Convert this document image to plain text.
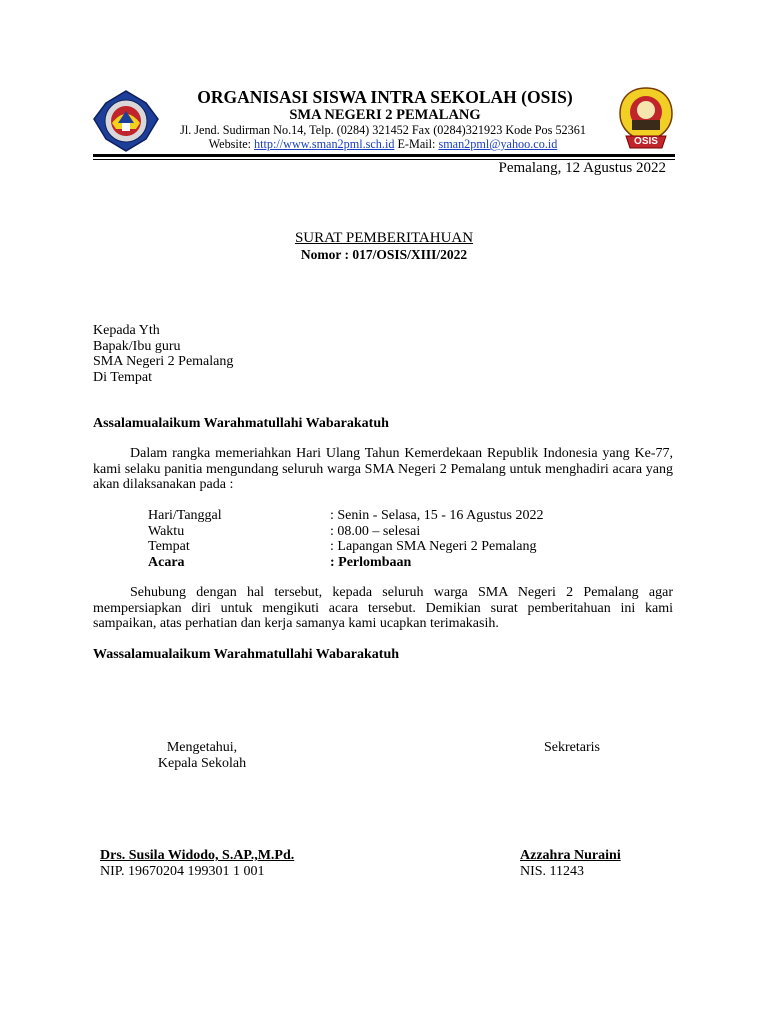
OSIS
ORGANISASI SISWA INTRA SEKOLAH (OSIS)
SMA NEGERI 2 PEMALANG
Jl. Jend. Sudirman No.14, Telp. (0284) 321452 Fax (0284)321923 Kode Pos 52361
Website: http://www.sman2pml.sch.id E-Mail: sman2pml@yahoo.co.id
Pemalang, 12 Agustus 2022
SURAT PEMBERITAHUAN
Nomor : 017/OSIS/XIII/2022
Kepada Yth
Bapak/Ibu guru
SMA Negeri 2 Pemalang
Di Tempat
Assalamualaikum Warahmatullahi Wabarakatuh
Dalam rangka memeriahkan Hari Ulang Tahun Kemerdekaan Republik Indonesia yang Ke-77, kami selaku panitia mengundang seluruh warga SMA Negeri 2 Pemalang untuk menghadiri acara yang akan dilaksanakan pada :
Hari/Tanggal	: Senin - Selasa, 15 - 16 Agustus 2022
Waktu	: 08.00 – selesai
Tempat	: Lapangan SMA Negeri 2 Pemalang
Acara	: Perlombaan
Sehubung dengan hal tersebut, kepada seluruh warga SMA Negeri 2 Pemalang agar mempersiapkan diri untuk mengikuti acara tersebut. Demikian surat pemberitahuan ini kami sampaikan, atas perhatian dan kerja samanya kami ucapkan terimakasih.
Wassalamualaikum Warahmatullahi Wabarakatuh
Mengetahui,
Kepala Sekolah
Sekretaris
Drs. Susila Widodo, S.AP.,M.Pd.
NIP. 19670204 199301 1 001
Azzahra Nuraini
NIS. 11243
